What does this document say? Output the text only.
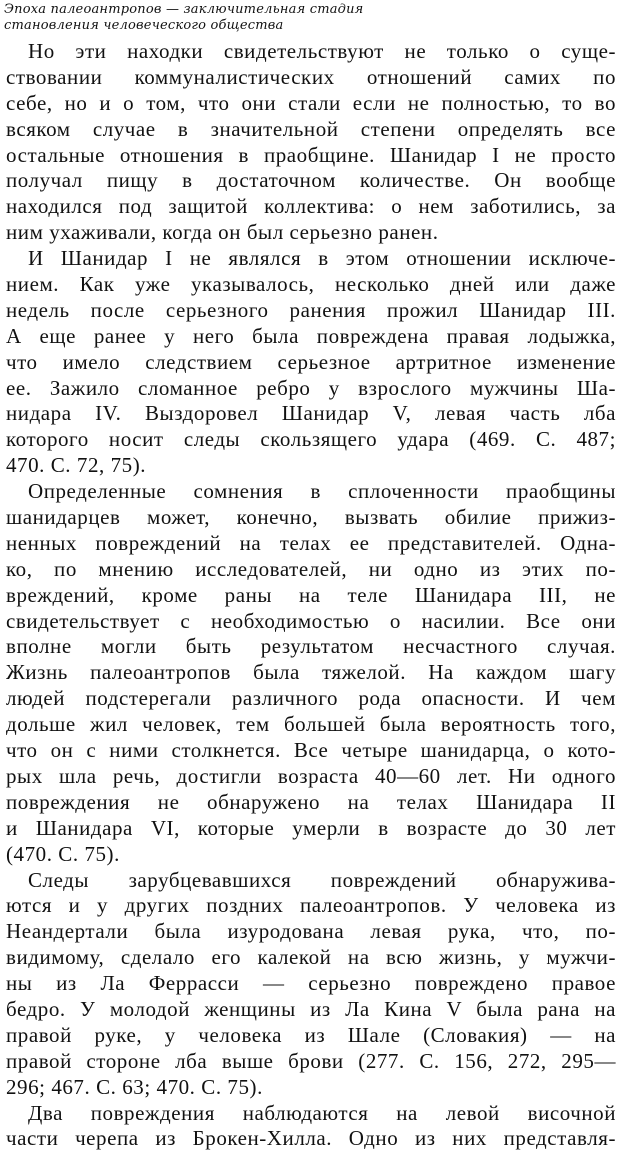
Эпоха палеоантропов — заключительная стадия
становления человеческого общества
Но эти находки свидетельствуют не только о суще-
ствовании коммуналистических отношений самих по
себе, но и о том, что они стали если не полностью, то во
всяком случае в значительной степени определять все
остальные отношения в праобщине. Шанидар I не просто
получал пищу в достаточном количестве. Он вообще
находился под защитой коллектива: о нем заботились, за
ним ухаживали, когда он был серьезно ранен.
И Шанидар I не являлся в этом отношении исключе-
нием. Как уже указывалось, несколько дней или даже
недель после серьезного ранения прожил Шанидар III.
А еще ранее у него была повреждена правая лодыжка,
что имело следствием серьезное артритное изменение
ее. Зажило сломанное ребро у взрослого мужчины Ша-
нидара IV. Выздоровел Шанидар V, левая часть лба
которого носит следы скользящего удара (469. С. 487;
470. С. 72, 75).
Определенные сомнения в сплоченности праобщины
шанидарцев может, конечно, вызвать обилие прижиз-
ненных повреждений на телах ее представителей. Одна-
ко, по мнению исследователей, ни одно из этих по-
вреждений, кроме раны на теле Шанидара III, не
свидетельствует с необходимостью о насилии. Все они
вполне могли быть результатом несчастного случая.
Жизнь палеоантропов была тяжелой. На каждом шагу
людей подстерегали различного рода опасности. И чем
дольше жил человек, тем большей была вероятность того,
что он с ними столкнется. Все четыре шанидарца, о кото-
рых шла речь, достигли возраста 40—60 лет. Ни одного
повреждения не обнаружено на телах Шанидара II
и Шанидара VI, которые умерли в возрасте до 30 лет
(470. С. 75).
Следы зарубцевавшихся повреждений обнаружива-
ются и у других поздних палеоантропов. У человека из
Неандертали была изуродована левая рука, что, по-
видимому, сделало его калекой на всю жизнь, у мужчи-
ны из Ла Феррасси — серьезно повреждено правое
бедро. У молодой женщины из Ла Кина V была рана на
правой руке, у человека из Шале (Словакия) — на
правой стороне лба выше брови (277. С. 156, 272, 295—
296; 467. С. 63; 470. С. 75).
Два повреждения наблюдаются на левой височной
части черепа из Брокен-Хилла. Одно из них представля-
